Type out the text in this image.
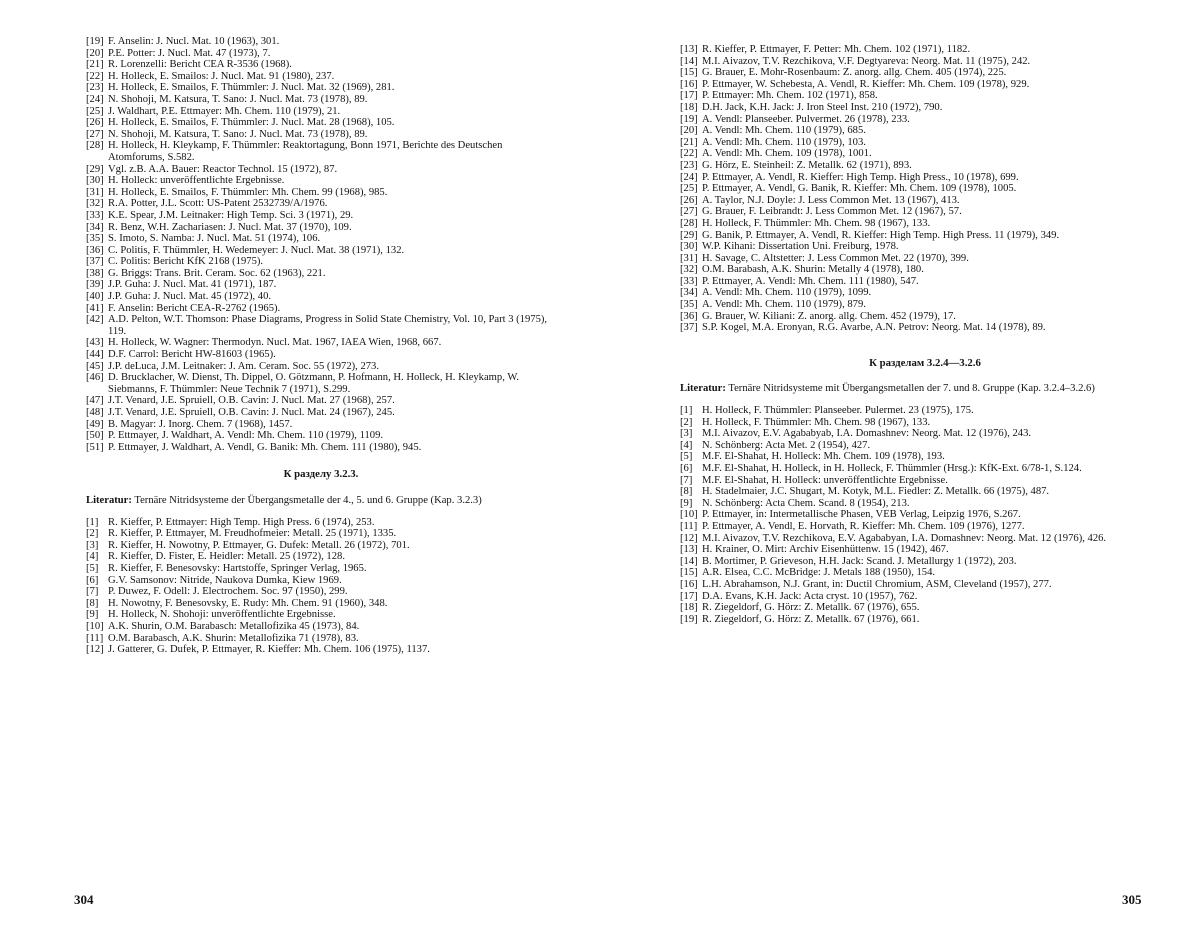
[19] F. Anselin: J. Nucl. Mat. 10 (1963), 301.
[20] P.E. Potter: J. Nucl. Mat. 47 (1973), 7.
[21] R. Lorenzelli: Bericht CEA R-3536 (1968).
[22] H. Holleck, E. Smailos: J. Nucl. Mat. 91 (1980), 237.
[23] H. Holleck, E. Smailos, F. Thümmler: J. Nucl. Mat. 32 (1969), 281.
[24] N. Shohoji, M. Katsura, T. Sano: J. Nucl. Mat. 73 (1978), 89.
[25] J. Waldhart, P.E. Ettmayer: Mh. Chem. 110 (1979), 21.
[26] H. Holleck, E. Smailos, F. Thümmler: J. Nucl. Mat. 28 (1968), 105.
[27] N. Shohoji, M. Katsura, T. Sano: J. Nucl. Mat. 73 (1978), 89.
[28] H. Holleck, H. Kleykamp, F. Thümmler: Reaktortagung, Bonn 1971, Berichte des Deutschen Atomforums, S.582.
[29] Vgl. z.B. A.A. Bauer: Reactor Technol. 15 (1972), 87.
[30] H. Holleck: unveröffentlichte Ergebnisse.
[31] H. Holleck, E. Smailos, F. Thümmler: Mh. Chem. 99 (1968), 985.
[32] R.A. Potter, J.L. Scott: US-Patent 2532739/A/1976.
[33] K.E. Spear, J.M. Leitnaker: High Temp. Sci. 3 (1971), 29.
[34] R. Benz, W.H. Zachariasen: J. Nucl. Mat. 37 (1970), 109.
[35] S. Imoto, S. Namba: J. Nucl. Mat. 51 (1974), 106.
[36] C. Politis, F. Thümmler, H. Wedemeyer: J. Nucl. Mat. 38 (1971), 132.
[37] C. Politis: Bericht KfK 2168 (1975).
[38] G. Briggs: Trans. Brit. Ceram. Soc. 62 (1963), 221.
[39] J.P. Guha: J. Nucl. Mat. 41 (1971), 187.
[40] J.P. Guha: J. Nucl. Mat. 45 (1972), 40.
[41] F. Anselin: Bericht CEA-R-2762 (1965).
[42] A.D. Pelton, W.T. Thomson: Phase Diagrams, Progress in Solid State Chemistry, Vol. 10, Part 3 (1975), 119.
[43] H. Holleck, W. Wagner: Thermodyn. Nucl. Mat. 1967, IAEA Wien, 1968, 667.
[44] D.F. Carrol: Bericht HW-81603 (1965).
[45] J.P. deLuca, J.M. Leitnaker: J. Am. Ceram. Soc. 55 (1972), 273.
[46] D. Brucklacher, W. Dienst, Th. Dippel, O. Götzmann, P. Hofmann, H. Holleck, H. Kleykamp, W. Siebmanns, F. Thümmler: Neue Technik 7 (1971), S.299.
[47] J.T. Venard, J.E. Spruiell, O.B. Cavin: J. Nucl. Mat. 27 (1968), 257.
[48] J.T. Venard, J.E. Spruiell, O.B. Cavin: J. Nucl. Mat. 24 (1967), 245.
[49] B. Magyar: J. Inorg. Chem. 7 (1968), 1457.
[50] P. Ettmayer, J. Waldhart, A. Vendl: Mh. Chem. 110 (1979), 1109.
[51] P. Ettmayer, J. Waldhart, A. Vendl, G. Banik: Mh. Chem. 111 (1980), 945.
К разделу 3.2.3.
Literatur: Ternäre Nitridsysteme der Übergangsmetalle der 4., 5. und 6. Gruppe (Kap. 3.2.3)
[1] R. Kieffer, P. Ettmayer: High Temp. High Press. 6 (1974), 253.
[2] R. Kieffer, P. Ettmayer, M. Freudhofmeier: Metall. 25 (1971), 1335.
[3] R. Kieffer, H. Nowotny, P. Ettmayer, G. Dufek: Metall. 26 (1972), 701.
[4] R. Kieffer, D. Fister, E. Heidler: Metall. 25 (1972), 128.
[5] R. Kieffer, F. Benesovsky: Hartstoffe, Springer Verlag, 1965.
[6] G.V. Samsonov: Nitride, Naukova Dumka, Kiew 1969.
[7] P. Duwez, F. Odell: J. Electrochem. Soc. 97 (1950), 299.
[8] H. Nowotny, F. Benesovsky, E. Rudy: Mh. Chem. 91 (1960), 348.
[9] H. Holleck, N. Shohoji: unveröffentlichte Ergebnisse.
[10] A.K. Shurin, O.M. Barabasch: Metallofizika 45 (1973), 84.
[11] O.M. Barabasch, A.K. Shurin: Metallofizika 71 (1978), 83.
[12] J. Gatterer, G. Dufek, P. Ettmayer, R. Kieffer: Mh. Chem. 106 (1975), 1137.
304
[13] R. Kieffer, P. Ettmayer, F. Petter: Mh. Chem. 102 (1971), 1182.
[14] M.I. Aivazov, T.V. Rezchikova, V.F. Degtyareva: Neorg. Mat. 11 (1975), 242.
[15] G. Brauer, E. Mohr-Rosenbaum: Z. anorg. allg. Chem. 405 (1974), 225.
[16] P. Ettmayer, W. Schebesta, A. Vendl, R. Kieffer: Mh. Chem. 109 (1978), 929.
[17] P. Ettmayer: Mh. Chem. 102 (1971), 858.
[18] D.H. Jack, K.H. Jack: J. Iron Steel Inst. 210 (1972), 790.
[19] A. Vendl: Planseeber. Pulvermet. 26 (1978), 233.
[20] A. Vendl: Mh. Chem. 110 (1979), 685.
[21] A. Vendl: Mh. Chem. 110 (1979), 103.
[22] A. Vendl: Mh. Chem. 109 (1978), 1001.
[23] G. Hörz, E. Steinheil: Z. Metallk. 62 (1971), 893.
[24] P. Ettmayer, A. Vendl, R. Kieffer: High Temp. High Press., 10 (1978), 699.
[25] P. Ettmayer, A. Vendl, G. Banik, R. Kieffer: Mh. Chem. 109 (1978), 1005.
[26] A. Taylor, N.J. Doyle: J. Less Common Met. 13 (1967), 413.
[27] G. Brauer, F. Leibrandt: J. Less Common Met. 12 (1967), 57.
[28] H. Holleck, F. Thümmler: Mh. Chem. 98 (1967), 133.
[29] G. Banik, P. Ettmayer, A. Vendl, R. Kieffer: High Temp. High Press. 11 (1979), 349.
[30] W.P. Kihani: Dissertation Uni. Freiburg, 1978.
[31] H. Savage, C. Altstetter: J. Less Common Met. 22 (1970), 399.
[32] O.M. Barabash, A.K. Shurin: Metally 4 (1978), 180.
[33] P. Ettmayer, A. Vendl: Mh. Chem. 111 (1980), 547.
[34] A. Vendl: Mh. Chem. 110 (1979), 1099.
[35] A. Vendl: Mh. Chem. 110 (1979), 879.
[36] G. Brauer, W. Kiliani: Z. anorg. allg. Chem. 452 (1979), 17.
[37] S.P. Kogel, M.A. Eronyan, R.G. Avarbe, A.N. Petrov: Neorg. Mat. 14 (1978), 89.
К разделам 3.2.4—3.2.6
Literatur: Ternäre Nitridsysteme mit Übergangsmetallen der 7. und 8. Gruppe (Kap. 3.2.4–3.2.6)
[1] H. Holleck, F. Thümmler: Planseeber. Pulermet. 23 (1975), 175.
[2] H. Holleck, F. Thümmler: Mh. Chem. 98 (1967), 133.
[3] M.I. Aivazov, E.V. Agababyab, I.A. Domashnev: Neorg. Mat. 12 (1976), 243.
[4] N. Schönberg: Acta Met. 2 (1954), 427.
[5] M.F. El-Shahat, H. Holleck: Mh. Chem. 109 (1978), 193.
[6] M.F. El-Shahat, H. Holleck, in H. Holleck, F. Thümmler (Hrsg.): KfK-Ext. 6/78-1, S.124.
[7] M.F. El-Shahat, H. Holleck: unveröffentlichte Ergebnisse.
[8] H. Stadelmaier, J.C. Shugart, M. Kotyk, M.L. Fiedler: Z. Metallk. 66 (1975), 487.
[9] N. Schönberg: Acta Chem. Scand. 8 (1954), 213.
[10] P. Ettmayer, in: Intermetallische Phasen, VEB Verlag, Leipzig 1976, S.267.
[11] P. Ettmayer, A. Vendl, E. Horvath, R. Kieffer: Mh. Chem. 109 (1976), 1277.
[12] M.I. Aivazov, T.V. Rezchikova, E.V. Agababyan, I.A. Domashnev: Neorg. Mat. 12 (1976), 426.
[13] H. Krainer, O. Mirt: Archiv Eisenhüttenw. 15 (1942), 467.
[14] B. Mortimer, P. Grieveson, H.H. Jack: Scand. J. Metallurgy 1 (1972), 203.
[15] A.R. Elsea, C.C. McBridge: J. Metals 188 (1950), 154.
[16] L.H. Abrahamson, N.J. Grant, in: Ductil Chromium, ASM, Cleveland (1957), 277.
[17] D.A. Evans, K.H. Jack: Acta cryst. 10 (1957), 762.
[18] R. Ziegeldorf, G. Hörz: Z. Metallk. 67 (1976), 655.
[19] R. Ziegeldorf, G. Hörz: Z. Metallk. 67 (1976), 661.
305
